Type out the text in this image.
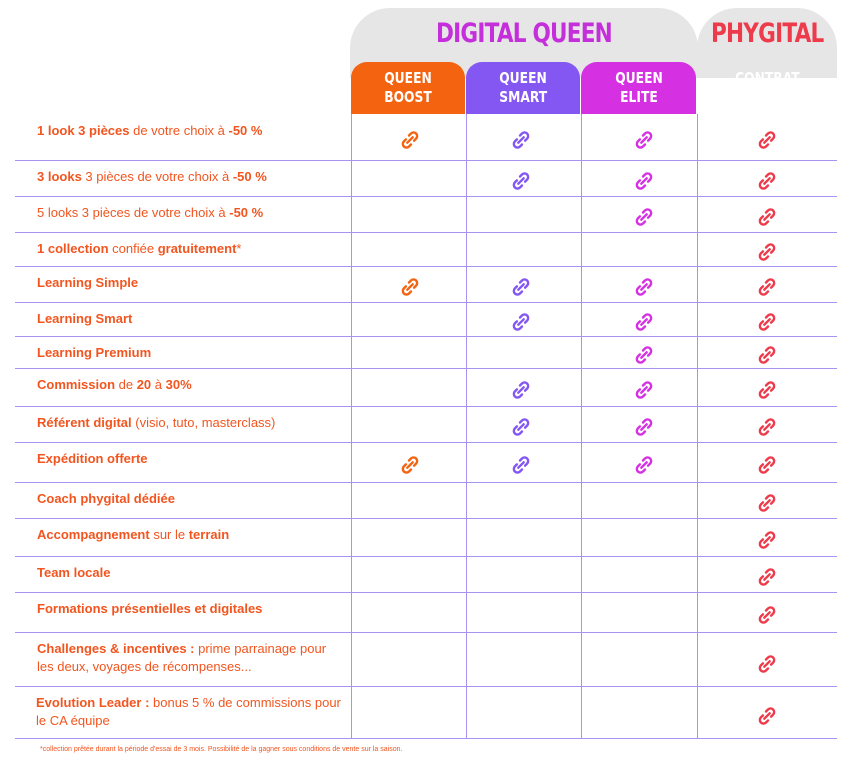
DIGITAL QUEEN	PHYGITAL
QUEEN
BOOST
QUEEN
SMART
QUEEN
ELITE
CONTRAT
PHYGITAL
1 look 3 pièces de votre choix à -50 %
3 looks 3 pièces de votre choix à -50 %
5 looks 3 pièces de votre choix à -50 %
1 collection confiée gratuitement*
Learning Simple
Learning Smart
Learning Premium
Commission de 20 à 30%
Référent digital (visio, tuto, masterclass)
Expédition offerte
Coach phygital dédiée
Accompagnement sur le terrain
Team locale
Formations présentielles et digitales
Challenges & incentives : prime parrainage pour les deux, voyages de récompenses...
Evolution Leader : bonus 5 % de commissions pour le CA équipe
*collection prêtée durant la période d'essai de 3 mois. Possibilité de la gagner sous conditions de vente sur la saison.
